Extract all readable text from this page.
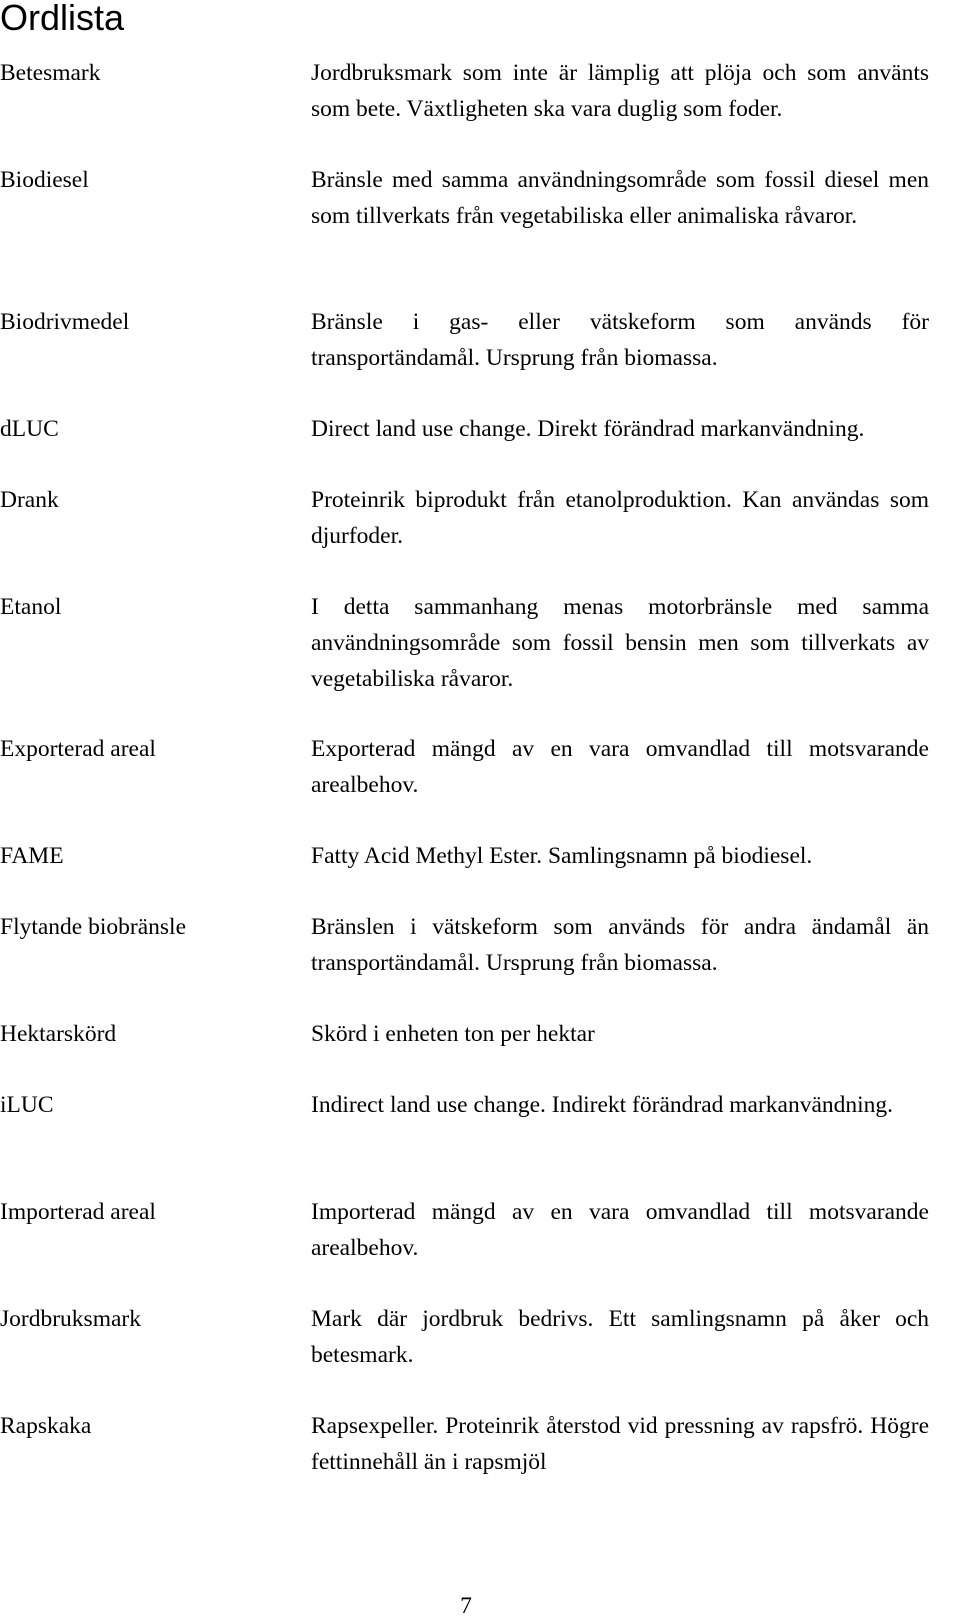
Ordlista
Betesmark	Jordbruksmark som inte är lämplig att plöja och som använts som bete. Växtligheten ska vara duglig som foder.
Biodiesel	Bränsle med samma användningsområde som fossil diesel men som tillverkats från vegetabiliska eller animaliska råvaror.
Biodrivmedel	Bränsle i gas- eller vätskeform som används för transportändamål. Ursprung från biomassa.
dLUC	Direct land use change. Direkt förändrad markanvändning.
Drank	Proteinrik biprodukt från etanolproduktion. Kan användas som djurfoder.
Etanol	I detta sammanhang menas motorbränsle med samma användningsområde som fossil bensin men som tillverkats av vegetabiliska råvaror.
Exporterad areal	Exporterad mängd av en vara omvandlad till motsvarande arealbehov.
FAME	Fatty Acid Methyl Ester. Samlingsnamn på biodiesel.
Flytande biobränsle	Bränslen i vätskeform som används för andra ändamål än transportändamål. Ursprung från biomassa.
Hektarskörd	Skörd i enheten ton per hektar
iLUC	Indirect land use change. Indirekt förändrad markanvändning.
Importerad areal	Importerad mängd av en vara omvandlad till motsvarande arealbehov.
Jordbruksmark	Mark där jordbruk bedrivs. Ett samlingsnamn på åker och betesmark.
Rapskaka	Rapsexpeller. Proteinrik återstod vid pressning av rapsfrö. Högre fettinnehåll än i rapsmjöl
7
